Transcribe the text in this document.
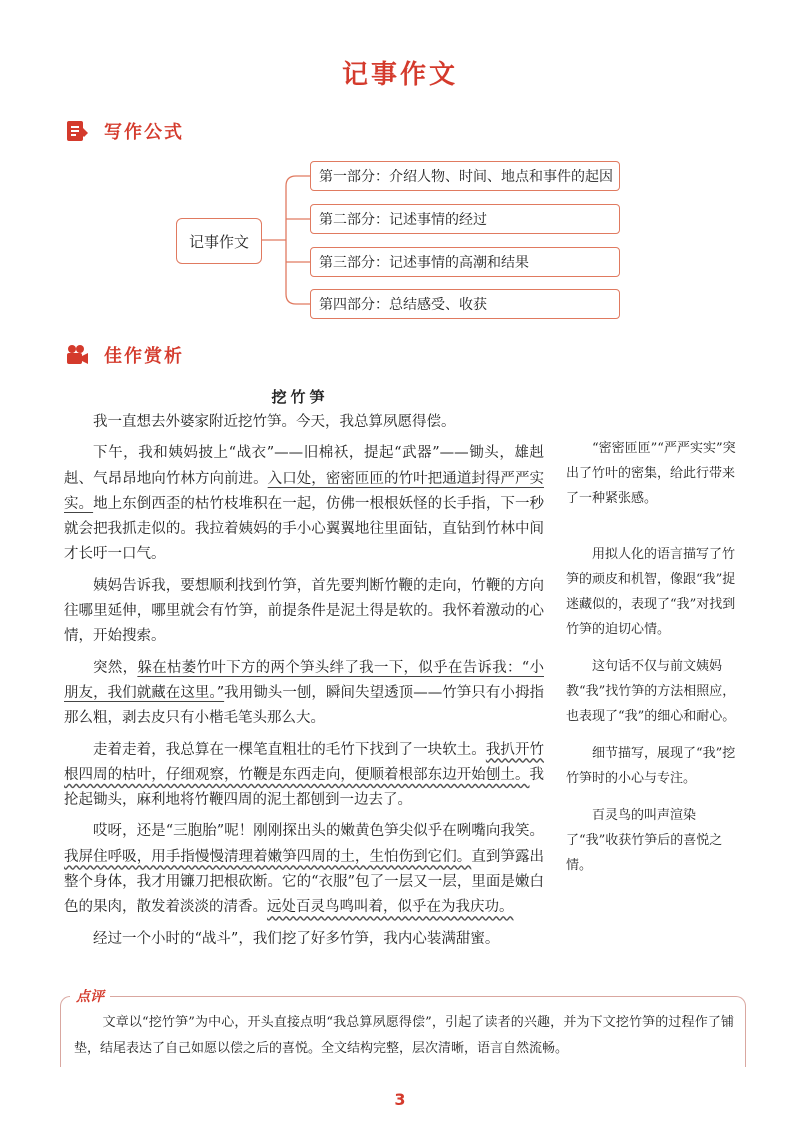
记事作文
写作公式
记事作文
第一部分：介绍人物、时间、地点和事件的起因
第二部分：记述事情的经过
第三部分：记述事情的高潮和结果
第四部分：总结感受、收获
佳作赏析
挖竹笋

我一直想去外婆家附近挖竹笋。今天，我总算夙愿得偿。

下午，我和姨妈披上“战衣”——旧棉袄，提起“武器”——锄头，雄赳赳、气昂昂地向竹林方向前进。入口处，密密匝匝的竹叶把通道封得严严实实。地上东倒西歪的枯竹枝堆积在一起，仿佛一根根妖怪的长手指，下一秒就会把我抓走似的。我拉着姨妈的手小心翼翼地往里面钻，直钻到竹林中间才长吁一口气。

姨妈告诉我，要想顺利找到竹笋，首先要判断竹鞭的走向，竹鞭的方向往哪里延伸，哪里就会有竹笋，前提条件是泥土得是软的。我怀着激动的心情，开始搜索。

突然，躲在枯萎竹叶下方的两个笋头绊了我一下，似乎在告诉我：“小朋友，我们就藏在这里。”我用锄头一刨，瞬间失望透顶——竹笋只有小拇指那么粗，剥去皮只有小楷毛笔头那么大。

走着走着，我总算在一棵笔直粗壮的毛竹下找到了一块软土。我扒开竹根四周的枯叶，仔细观察，竹鞭是东西走向，便顺着根部东边开始刨土。我抡起锄头，麻利地将竹鞭四周的泥土都刨到一边去了。

哎呀，还是“三胞胎”呢！刚刚探出头的嫩黄色笋尖似乎在咧嘴向我笑。我屏住呼吸，用手指慢慢清理着嫩笋四周的土，生怕伤到它们。直到笋露出整个身体，我才用镰刀把根砍断。它的“衣服”包了一层又一层，里面是嫩白色的果肉，散发着淡淡的清香。远处百灵鸟鸣叫着，似乎在为我庆功。

经过一个小时的“战斗”，我们挖了好多竹笋，我内心装满甜蜜。

“密密匝匝”“严严实实”突出了竹叶的密集，给此行带来了一种紧张感。
用拟人化的语言描写了竹笋的顽皮和机智，像跟“我”捉迷藏似的，表现了“我”对找到竹笋的迫切心情。
这句话不仅与前文姨妈教“我”找竹笋的方法相照应，也表现了“我”的细心和耐心。
细节描写，展现了“我”挖竹笋时的小心与专注。
百灵鸟的叫声渲染了“我”收获竹笋后的喜悦之情。
点评
文章以“挖竹笋”为中心，开头直接点明“我总算夙愿得偿”，引起了读者的兴趣，并为下文挖竹笋的过程作了铺垫，结尾表达了自己如愿以偿之后的喜悦。全文结构完整，层次清晰，语言自然流畅。
3
